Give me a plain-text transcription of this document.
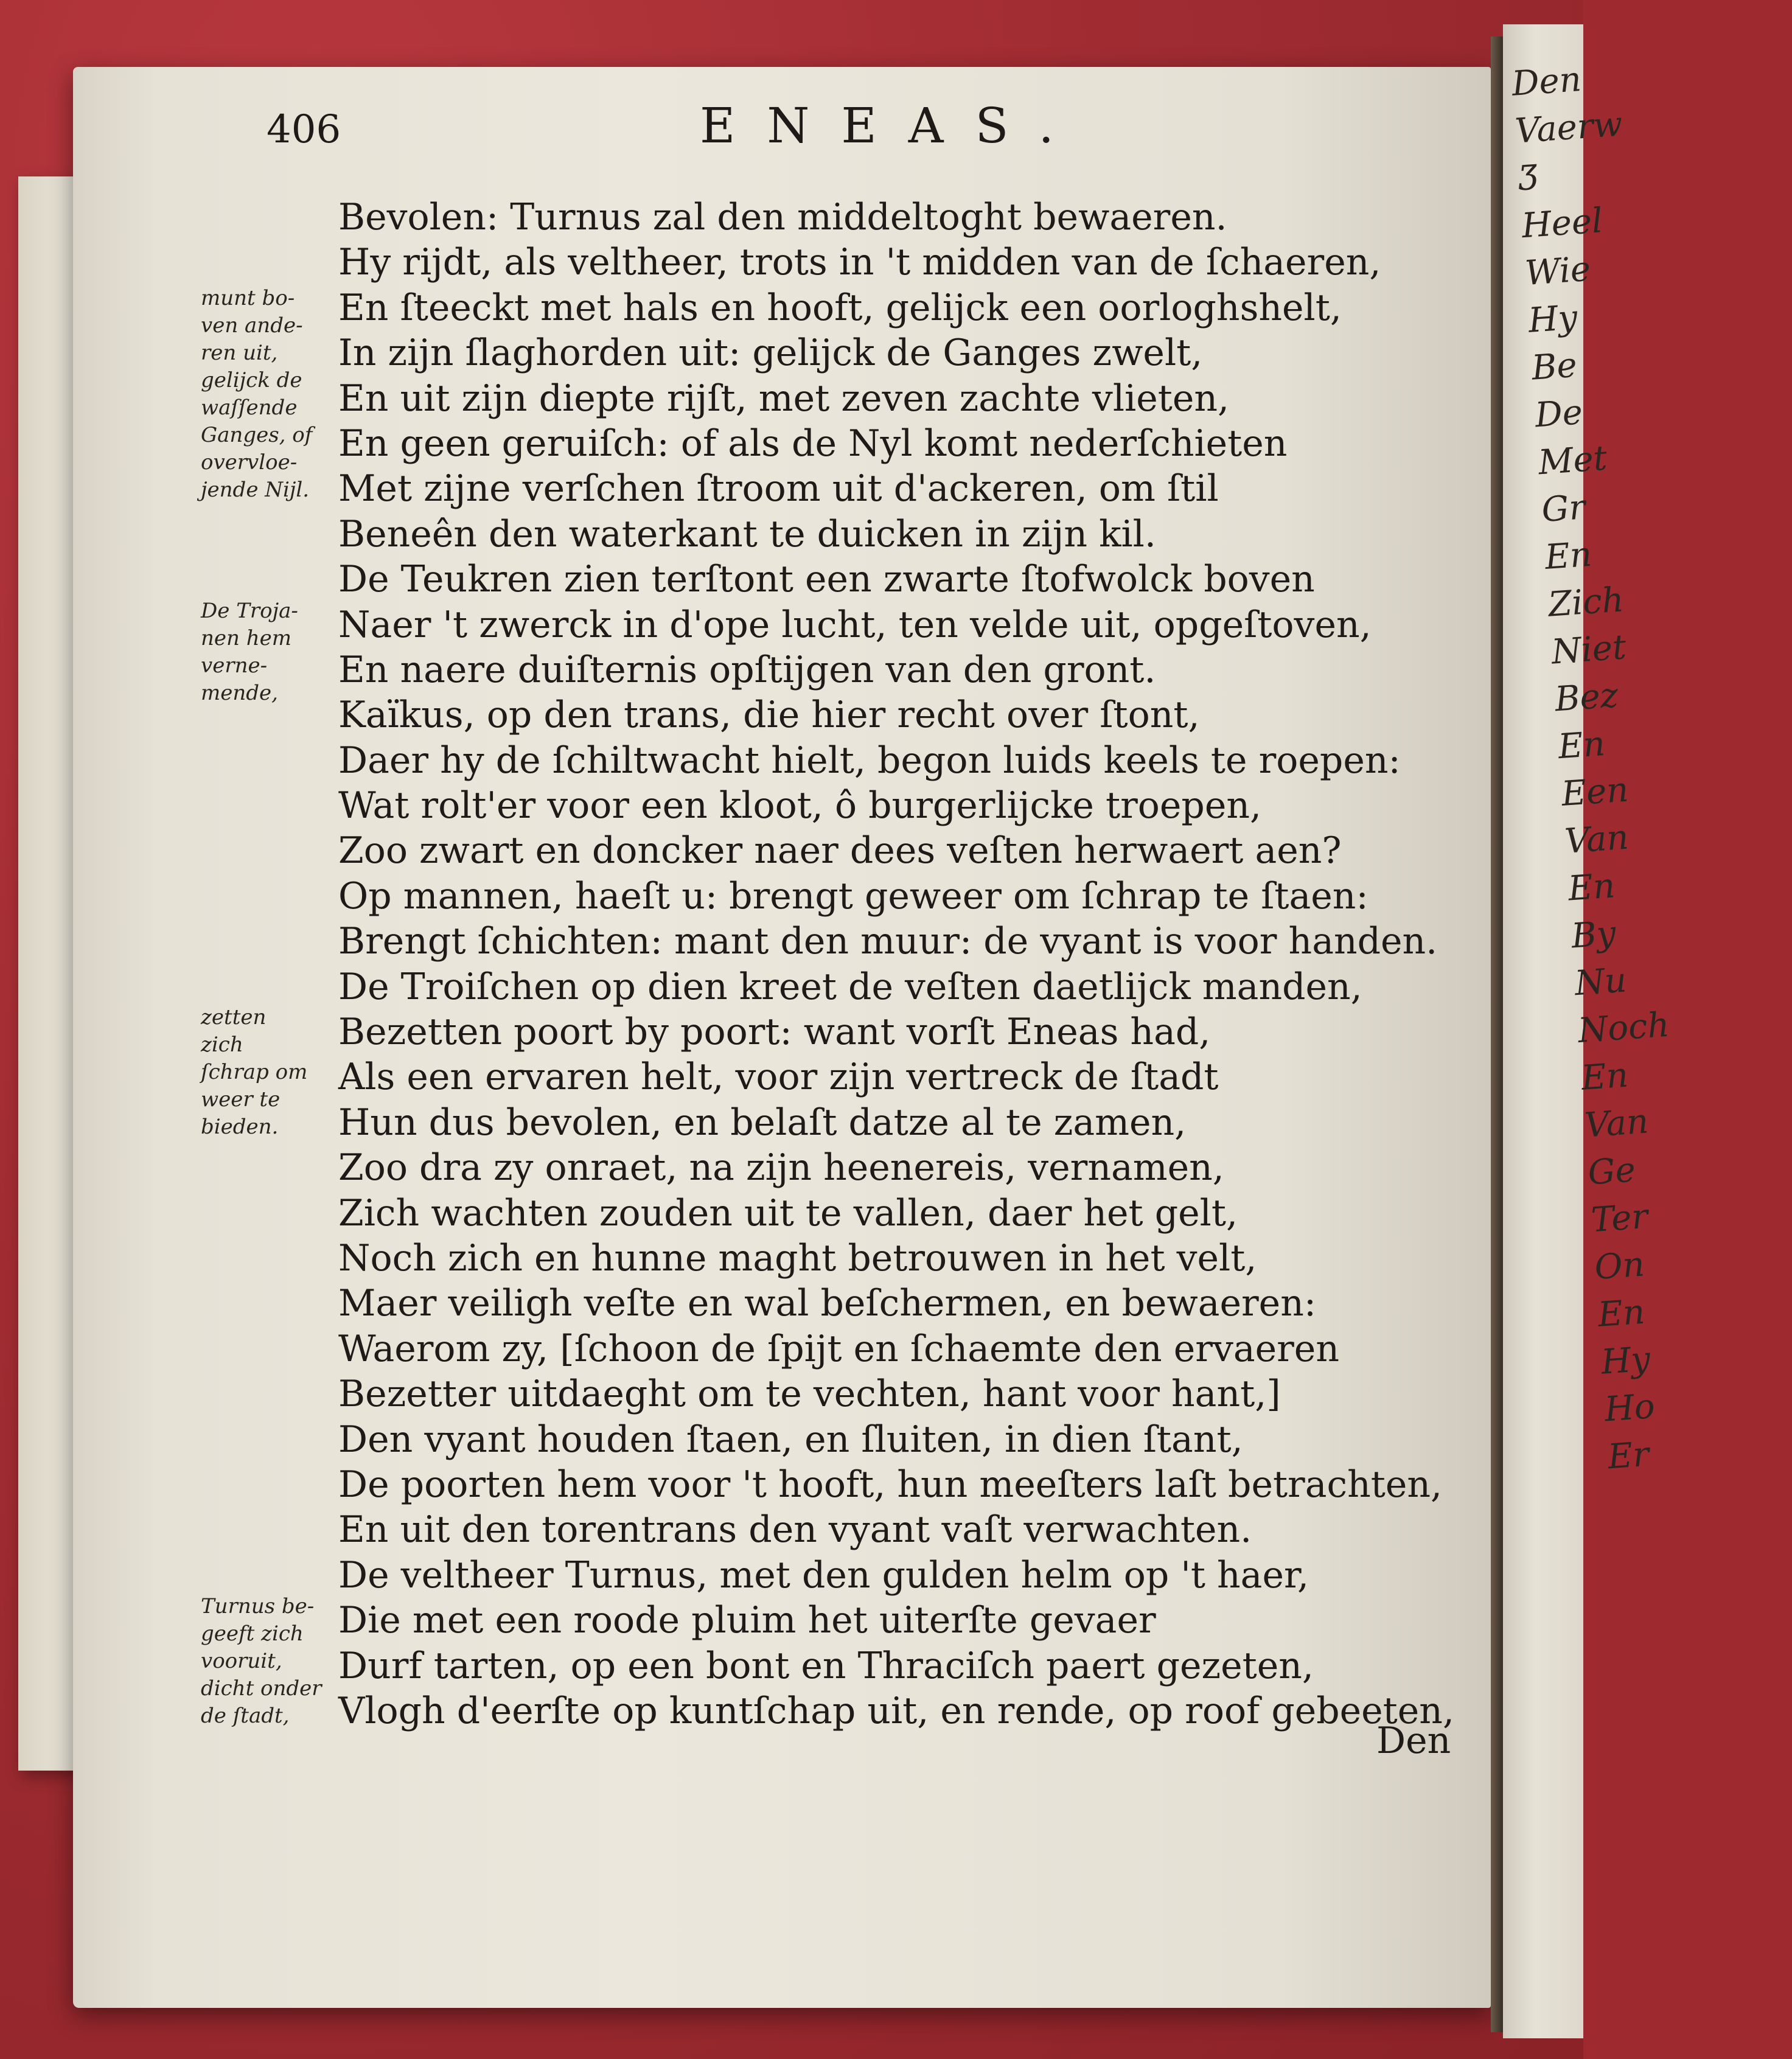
Den
Vaerw
Ʒ
Heel
Wie
Hy
Be
De
Met
Gr
En
Zich
Niet
Bez
En
Een
Van
En
By
Nu
Noch
En
Van
Ge
Ter
On
En
Hy
Ho
Er
406	ENEAS.
Bevolen: Turnus zal den middeltoght bewaeren.
Hy rijdt, als veltheer, trots in 't midden van de ſchaeren,
En ſteeckt met hals en hooft, gelijck een oorloghshelt,
In zijn ſlaghorden uit: gelijck de Ganges zwelt,
En uit zijn diepte rijſt, met zeven zachte vlieten,
En geen geruiſch: of als de Nyl komt nederſchieten
Met zijne verſchen ſtroom uit d'ackeren, om ſtil
Beneên den waterkant te duicken in zijn kil.
De Teukren zien terſtont een zwarte ſtofwolck boven
Naer 't zwerck in d'ope lucht, ten velde uit, opgeſtoven,
En naere duiſternis opſtijgen van den gront.
Kaïkus, op den trans, die hier recht over ſtont,
Daer hy de ſchiltwacht hielt, begon luids keels te roepen:
Wat rolt'er voor een kloot, ô burgerlijcke troepen,
Zoo zwart en doncker naer dees veſten herwaert aen?
Op mannen, haeſt u: brengt geweer om ſchrap te ſtaen:
Brengt ſchichten: mant den muur: de vyant is voor handen.
De Troiſchen op dien kreet de veſten daetlijck manden,
Bezetten poort by poort: want vorſt Eneas had,
Als een ervaren helt, voor zijn vertreck de ſtadt
Hun dus bevolen, en belaſt datze al te zamen,
Zoo dra zy onraet, na zijn heenereis, vernamen,
Zich wachten zouden uit te vallen, daer het gelt,
Noch zich en hunne maght betrouwen in het velt,
Maer veiligh veſte en wal beſchermen, en bewaeren:
Waerom zy, [ſchoon de ſpijt en ſchaemte den ervaeren
Bezetter uitdaeght om te vechten, hant voor hant,]
Den vyant houden ſtaen, en ſluiten, in dien ſtant,
De poorten hem voor 't hooft, hun meeſters laſt betrachten,
En uit den torentrans den vyant vaſt verwachten.
De veltheer Turnus, met den gulden helm op 't haer,
Die met een roode pluim het uiterſte gevaer
Durf tarten, op een bont en Thraciſch paert gezeten,
Vlogh d'eerſte op kuntſchap uit, en rende, op roof gebeeten,
munt bo-
ven ande-
ren uit,
gelijck de
waſſende
Ganges, of
overvloe-
jende Nijl.
De Troja-
nen hem
verne-
mende,
zetten
zich
ſchrap om
weer te
bieden.
Turnus be-
geeft zich
vooruit,
dicht onder
de ſtadt,
Den
